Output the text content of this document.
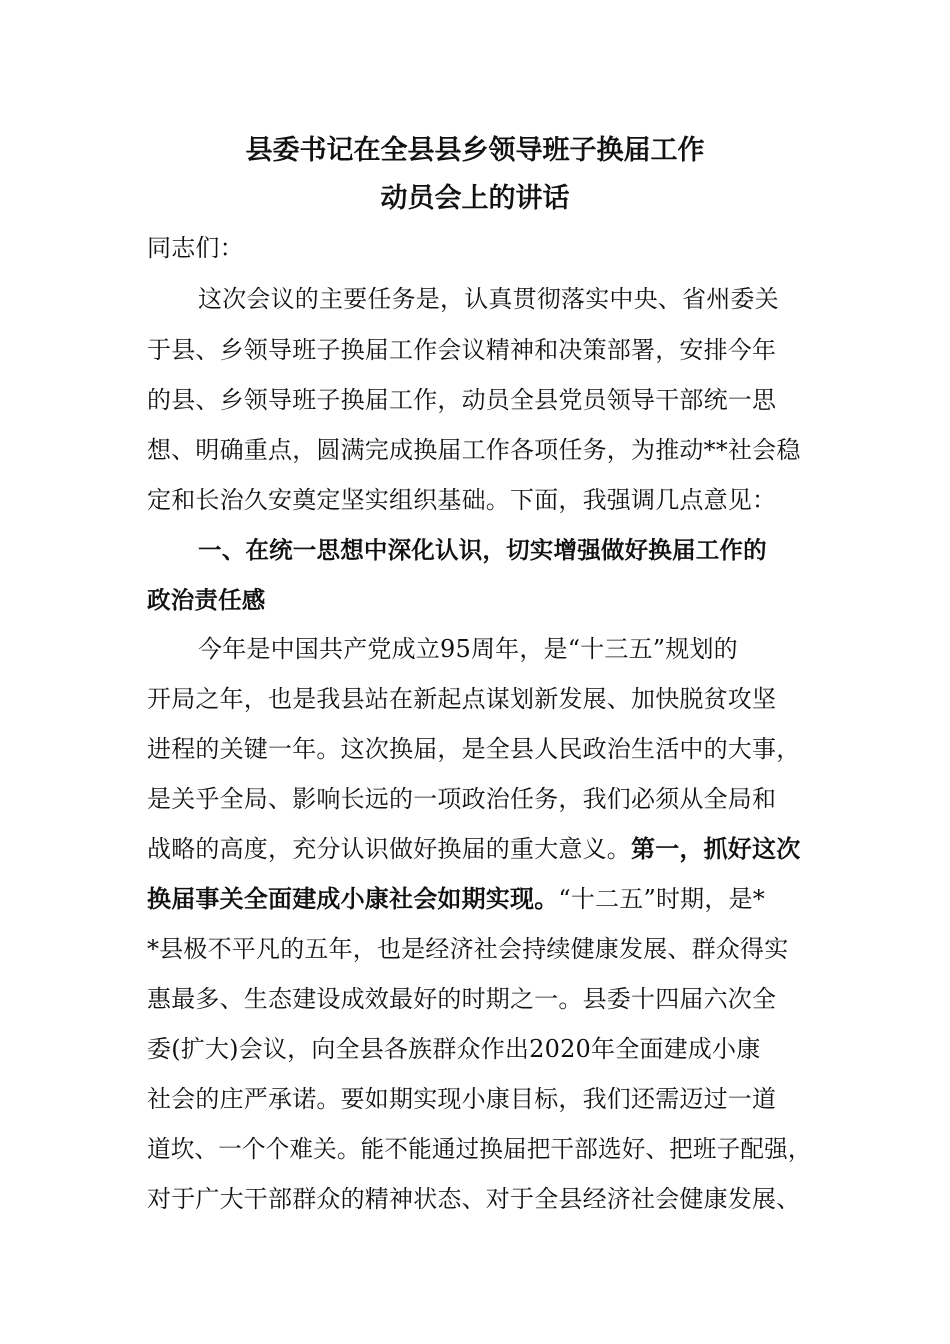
县委书记在全县县乡领导班子换届工作
动员会上的讲话
同志们：
这次会议的主要任务是，认真贯彻落实中央、省州委关
于县、乡领导班子换届工作会议精神和决策部署，安排今年
的县、乡领导班子换届工作，动员全县党员领导干部统一思
想、明确重点，圆满完成换届工作各项任务，为推动**社会稳
定和长治久安奠定坚实组织基础。下面，我强调几点意见：
一、在统一思想中深化认识，切实增强做好换届工作的
政治责任感
今年是中国共产党成立95周年，是“十三五”规划的
开局之年，也是我县站在新起点谋划新发展、加快脱贫攻坚
进程的关键一年。这次换届，是全县人民政治生活中的大事，
是关乎全局、影响长远的一项政治任务，我们必须从全局和
战略的高度，充分认识做好换届的重大意义。第一，抓好这次
换届事关全面建成小康社会如期实现。“十二五”时期，是*
*县极不平凡的五年，也是经济社会持续健康发展、群众得实
惠最多、生态建设成效最好的时期之一。县委十四届六次全
委(扩大)会议，向全县各族群众作出2020年全面建成小康
社会的庄严承诺。要如期实现小康目标，我们还需迈过一道
道坎、一个个难关。能不能通过换届把干部选好、把班子配强，
对于广大干部群众的精神状态、对于全县经济社会健康发展、
